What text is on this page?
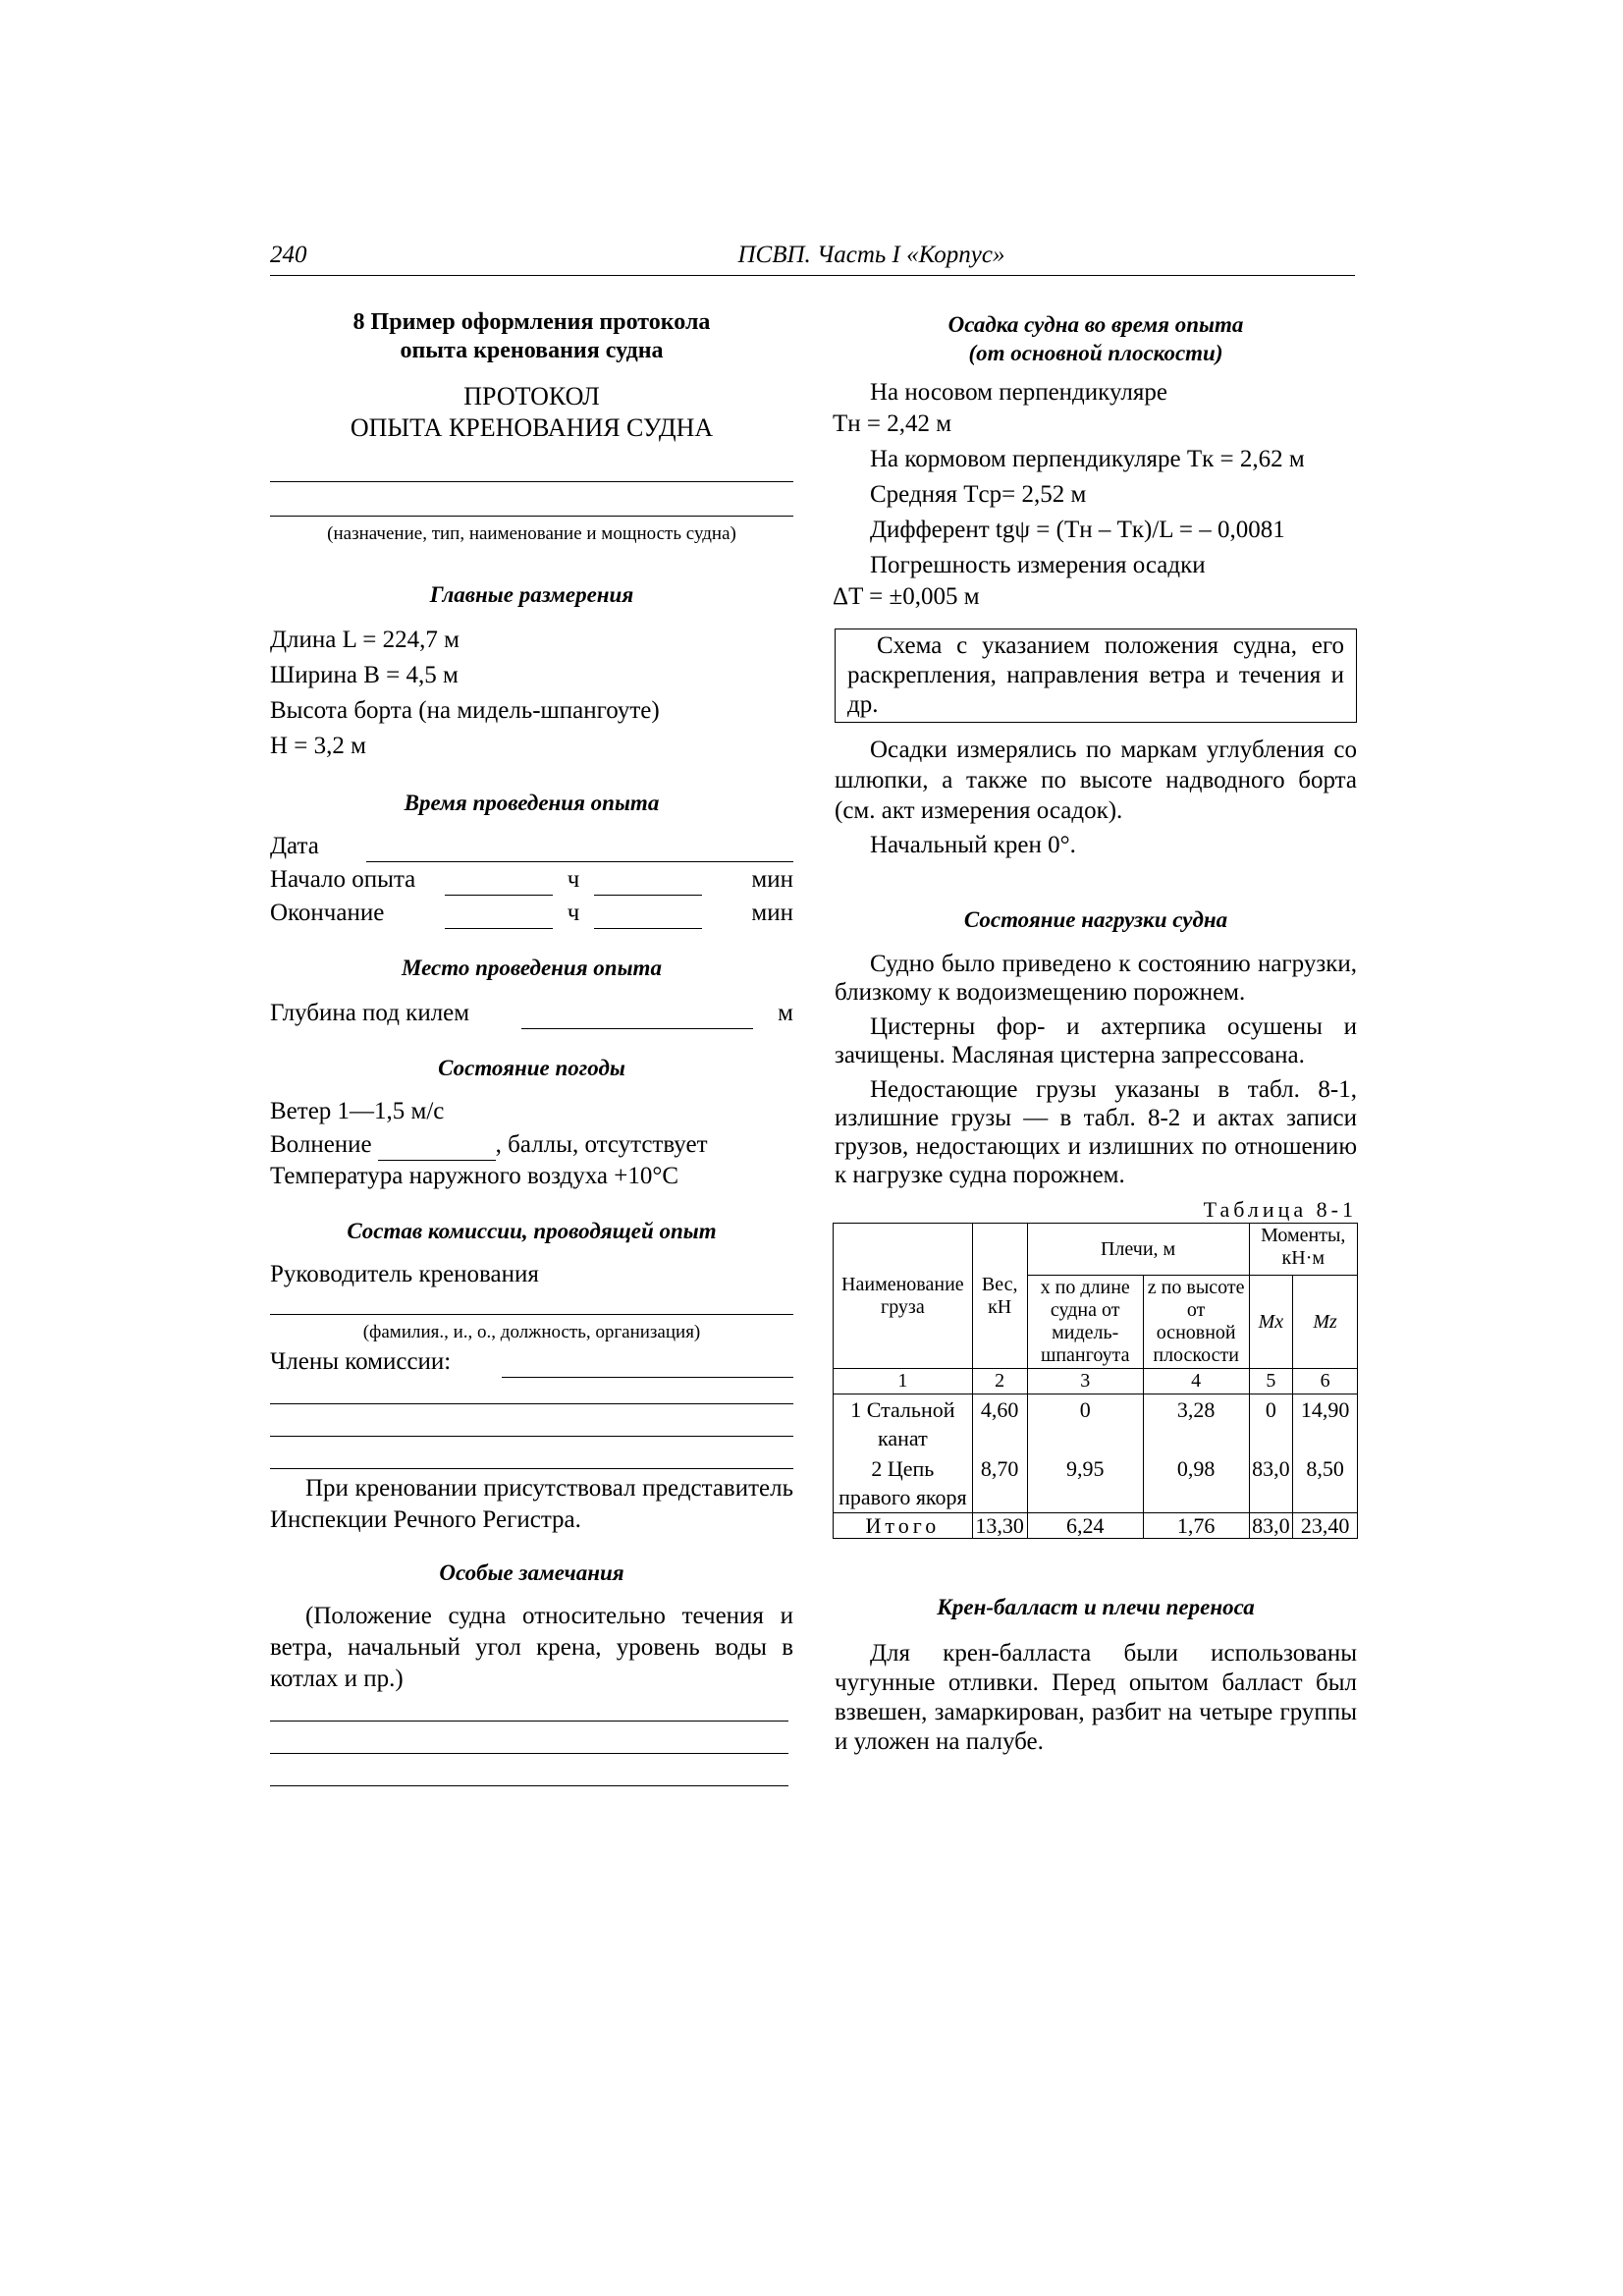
240	ПСВП. Часть I «Корпус»
8 Пример оформления протокола
опыта кренования судна
ПРОТОКОЛ
ОПЫТА КРЕНОВАНИЯ СУДНА
(назначение, тип, наименование и мощность судна)
Главные размерения
Длина L = 224,7 м
Ширина B = 4,5 м
Высота борта (на мидель-шпангоуте)
H = 3,2 м
Время проведения опыта
Дата
Начало опыта	ч	мин
Окончание	ч	мин
Место проведения опыта
Глубина под килем	м
Состояние погоды
Ветер 1—1,5 м/с
Волнение	, баллы, отсутствует
Температура наружного воздуха +10°С
Состав комиссии, проводящей опыт
Руководитель кренования
(фамилия., и., о., должность, организация)
Члены комиссии:
При креновании присутствовал представитель Инспекции Речного Регистра.
Особые замечания
(Положение судна относительно течения и ветра, начальный угол крена, уровень воды в котлах и пр.)
Осадка судна во время опыта
(от основной плоскости)
На носовом перпендикуляре
Tн = 2,42 м
На кормовом перпендикуляре Tк = 2,62 м
Средняя Tср= 2,52 м
Дифферент tgψ = (Tн – Tк)/L = – 0,0081
Погрешность измерения осадки
ΔT = ±0,005 м
Схема с указанием положения судна, его раскрепления, направления ветра и течения и др.
Осадки измерялись по маркам углубления со шлюпки, а также по высоте надводного борта (см. акт измерения осадок).
Начальный крен 0°.
Состояние нагрузки судна
Судно было приведено к состоянию нагрузки, близкому к водоизмещению порожнем.
Цистерны фор- и ахтерпика осушены и зачищены. Масляная цистерна запрессована.
Недостающие грузы указаны в табл. 8-1, излишние грузы — в табл. 8-2 и актах записи грузов, недостающих и излишних по отношению к нагрузке судна порожнем.
Таблица 8-1
Наименование груза	Вес, кН	Плечи, м		Моменты, кН·м	
		x по длине судна от мидель-шпангоута	z по высоте от основной плоскости	Mx	Mz
1	2	3	4	5	6
1 Стальной канат	4,60	0	3,28	0	14,90
2 Цепь правого якоря	8,70	9,95	0,98	83,0	8,50
Итого	13,30	6,24	1,76	83,0	23,40
Крен-балласт и плечи переноса
Для крен-балласта были использованы чугунные отливки. Перед опытом балласт был взвешен, замаркирован, разбит на четыре группы и уложен на палубе.
